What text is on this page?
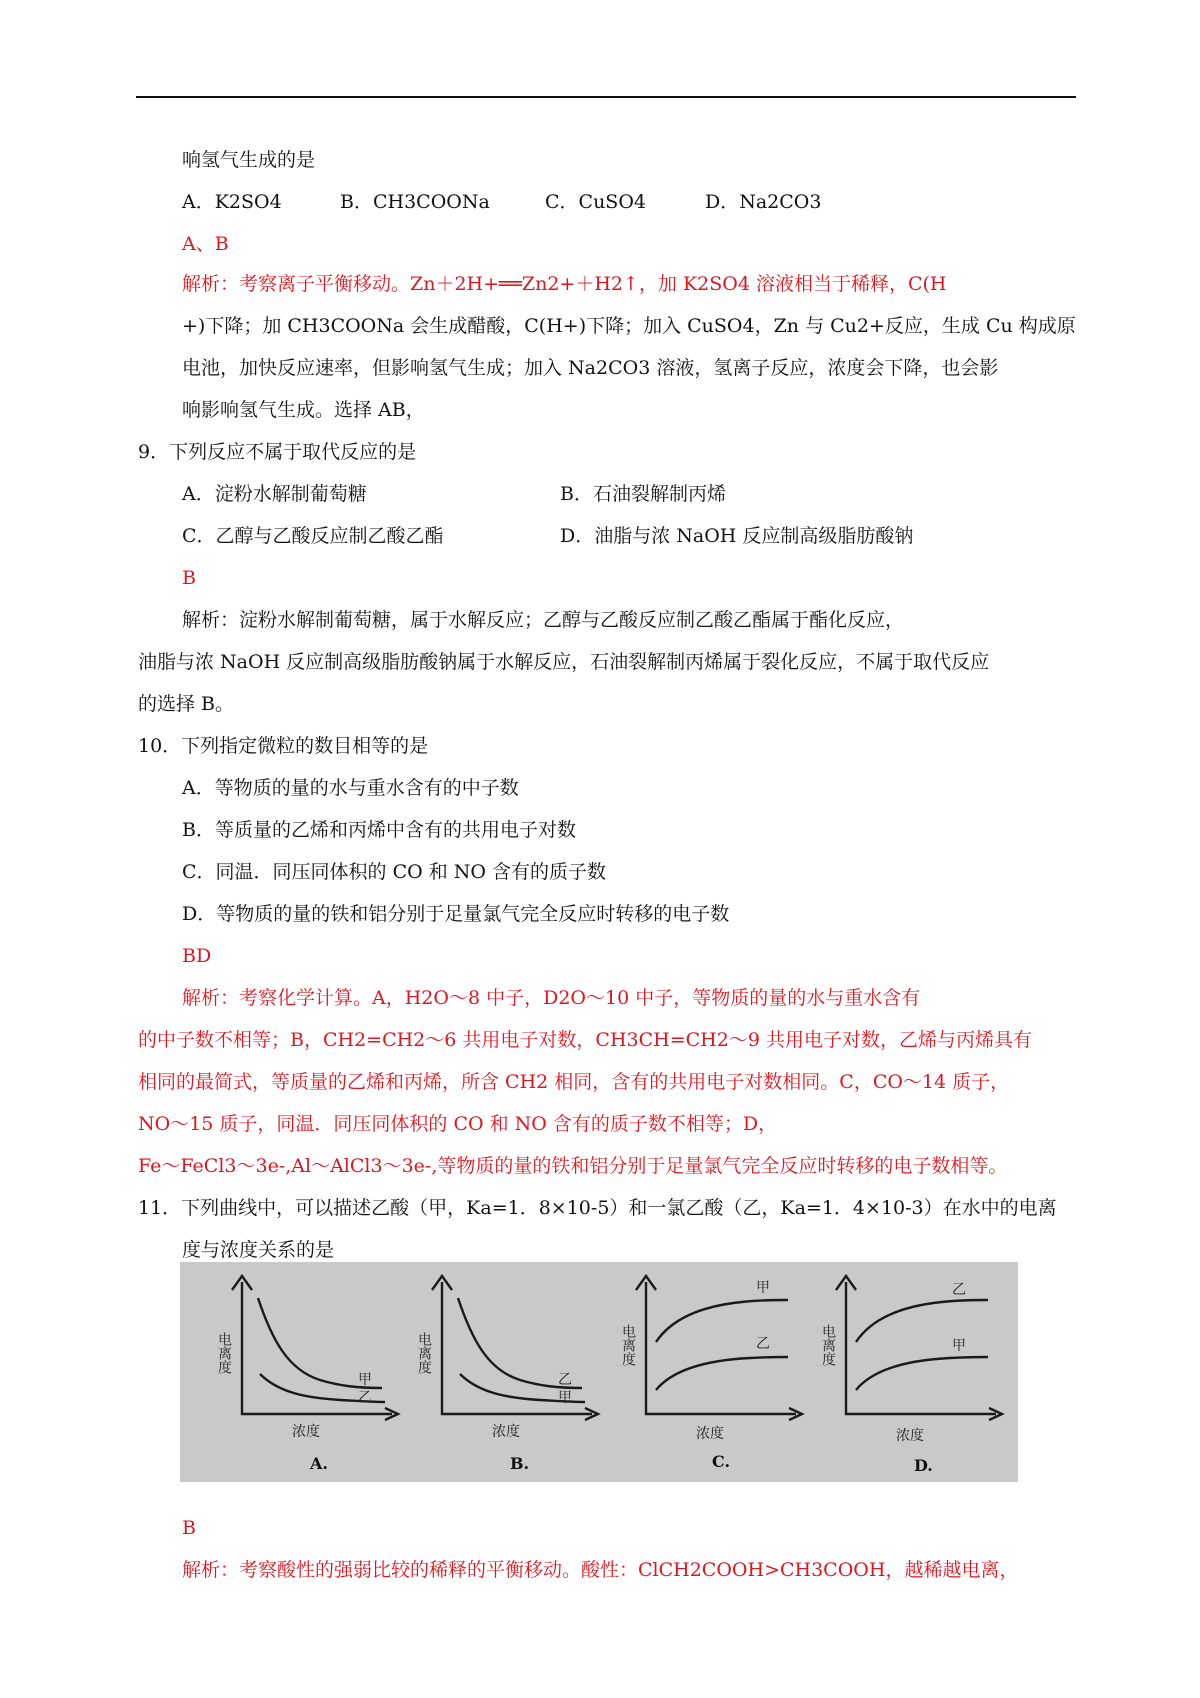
响氢气生成的是
A．K2SO4	B．CH3COONa	C．CuSO4	D．Na2CO3
A、B
解析：考察离子平衡移动。Zn＋2H+══Zn2+＋H2↑，加 K2SO4 溶液相当于稀释，C(H
+)下降；加 CH3COONa 会生成醋酸，C(H+)下降；加入 CuSO4，Zn 与 Cu2+反应，生成 Cu 构成原
电池，加快反应速率，但影响氢气生成；加入 Na2CO3 溶液，氢离子反应，浓度会下降，也会影
响影响氢气生成。选择 AB，
9．下列反应不属于取代反应的是
A．淀粉水解制葡萄糖	B．石油裂解制丙烯
C．乙醇与乙酸反应制乙酸乙酯	D．油脂与浓 NaOH 反应制高级脂肪酸钠
B
解析：淀粉水解制葡萄糖，属于水解反应；乙醇与乙酸反应制乙酸乙酯属于酯化反应，
油脂与浓 NaOH 反应制高级脂肪酸钠属于水解反应，石油裂解制丙烯属于裂化反应，不属于取代反应
的选择 B。
10．下列指定微粒的数目相等的是
A．等物质的量的水与重水含有的中子数
B．等质量的乙烯和丙烯中含有的共用电子对数
C．同温．同压同体积的 CO 和 NO 含有的质子数
D．等物质的量的铁和铝分别于足量氯气完全反应时转移的电子数
BD
解析：考察化学计算。A，H2O～8 中子，D2O～10 中子，等物质的量的水与重水含有
的中子数不相等；B，CH2=CH2～6 共用电子对数，CH3CH=CH2～9 共用电子对数，乙烯与丙烯具有
相同的最简式，等质量的乙烯和丙烯，所含 CH2 相同，含有的共用电子对数相同。C，CO～14 质子，
NO～15 质子，同温．同压同体积的 CO 和 NO 含有的质子数不相等；D，
Fe～FeCl3～3e-,Al～AlCl3～3e-,等物质的量的铁和铝分别于足量氯气完全反应时转移的电子数相等。
11．下列曲线中，可以描述乙酸（甲，Ka=1．8×10-5）和一氯乙酸（乙，Ka=1．4×10-3）在水中的电离
度与浓度关系的是
电离度
浓度
甲
乙
电离度
浓度
乙
甲
电离度
浓度
甲
乙	电离度
浓度
乙
甲
A.	B.	C.	D.
B
解析：考察酸性的强弱比较的稀释的平衡移动。酸性：ClCH2COOH>CH3COOH，越稀越电离，
